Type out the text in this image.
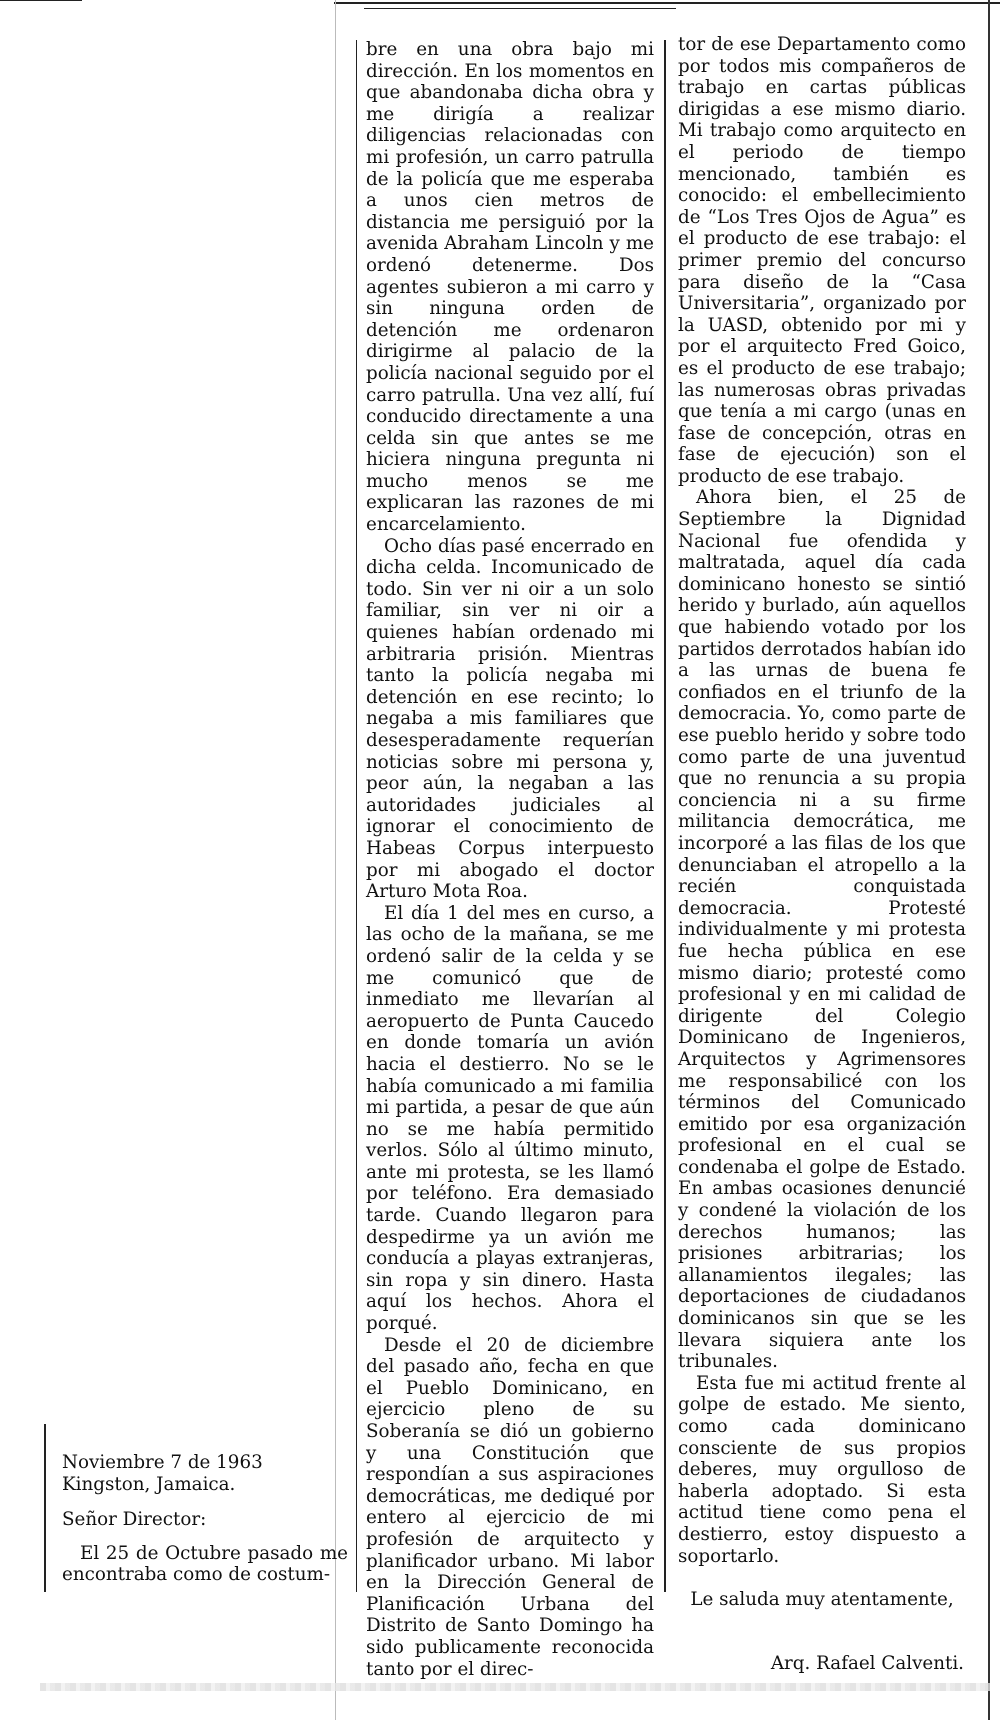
Noviembre 7 de 1963

Kingston, Jamaica.

Señor Director:

El 25 de Octubre pasado me encontraba como de costum-

bre en una obra bajo mi dirección. En los momentos en que abandonaba dicha obra y me dirigía a realizar diligencias relacionadas con mi profesión, un carro patrulla de la policía que me esperaba a unos cien metros de distancia me persiguió por la avenida Abraham Lincoln y me ordenó detenerme. Dos agentes subieron a mi carro y sin ninguna orden de detención me ordenaron dirigirme al palacio de la policía nacional seguido por el carro patrulla. Una vez allí, fuí conducido directamente a una celda sin que antes se me hiciera ninguna pregunta ni mucho menos se me explicaran las razones de mi encarcelamiento.

Ocho días pasé encerrado en dicha celda. Incomunicado de todo. Sin ver ni oir a un solo familiar, sin ver ni oir a quienes habían ordenado mi arbitraria prisión. Mientras tanto la policía negaba mi detención en ese recinto; lo negaba a mis familiares que desesperadamente requerían noticias sobre mi persona y, peor aún, la negaban a las autoridades judiciales al ignorar el conocimiento de Habeas Corpus interpuesto por mi abogado el doctor Arturo Mota Roa.

El día 1 del mes en curso, a las ocho de la mañana, se me ordenó salir de la celda y se me comunicó que de inmediato me llevarían al aeropuerto de Punta Caucedo en donde tomaría un avión hacia el destierro. No se le había comunicado a mi familia mi partida, a pesar de que aún no se me había permitido verlos. Sólo al último minuto, ante mi protesta, se les llamó por teléfono. Era demasiado tarde. Cuando llegaron para despedirme ya un avión me conducía a playas extranjeras, sin ropa y sin dinero. Hasta aquí los hechos. Ahora el porqué.

Desde el 20 de diciembre del pasado año, fecha en que el Pueblo Dominicano, en ejercicio pleno de su Soberanía se dió un gobierno y una Constitución que respondían a sus aspiraciones democráticas, me dediqué por entero al ejercicio de mi profesión de arquitecto y planificador urbano. Mi labor en la Dirección General de Planificación Urbana del Distrito de Santo Domingo ha sido publicamente reconocida tanto por el direc-

tor de ese Departamento como por todos mis compañeros de trabajo en cartas públicas dirigidas a ese mismo diario. Mi trabajo como arquitecto en el periodo de tiempo mencionado, también es conocido: el embellecimiento de “Los Tres Ojos de Agua” es el producto de ese trabajo: el primer premio del concurso para diseño de la “Casa Universitaria”, organizado por la UASD, obtenido por mi y por el arquitecto Fred Goico, es el producto de ese trabajo; las numerosas obras privadas que tenía a mi cargo (unas en fase de concepción, otras en fase de ejecución) son el producto de ese trabajo.

Ahora bien, el 25 de Septiembre la Dignidad Nacional fue ofendida y maltratada, aquel día cada dominicano honesto se sintió herido y burlado, aún aquellos que habiendo votado por los partidos derrotados habían ido a las urnas de buena fe confiados en el triunfo de la democracia. Yo, como parte de ese pueblo herido y sobre todo como parte de una juventud que no renuncia a su propia conciencia ni a su firme militancia democrática, me incorporé a las filas de los que denunciaban el atropello a la recién conquistada democracia. Protesté individualmente y mi protesta fue hecha pública en ese mismo diario; protesté como profesional y en mi calidad de dirigente del Colegio Dominicano de Ingenieros, Arquitectos y Agrimensores me responsabilicé con los términos del Comunicado emitido por esa organización profesional en el cual se condenaba el golpe de Estado. En ambas ocasiones denuncié y condené la violación de los derechos humanos; las prisiones arbitrarias; los allanamientos ilegales; las deportaciones de ciudadanos dominicanos sin que se les llevara siquiera ante los tribunales.

Esta fue mi actitud frente al golpe de estado. Me siento, como cada dominicano consciente de sus propios deberes, muy orgulloso de haberla adoptado. Si esta actitud tiene como pena el destierro, estoy dispuesto a soportarlo.

Le saluda muy atentamente,

Arq. Rafael Calventi.
